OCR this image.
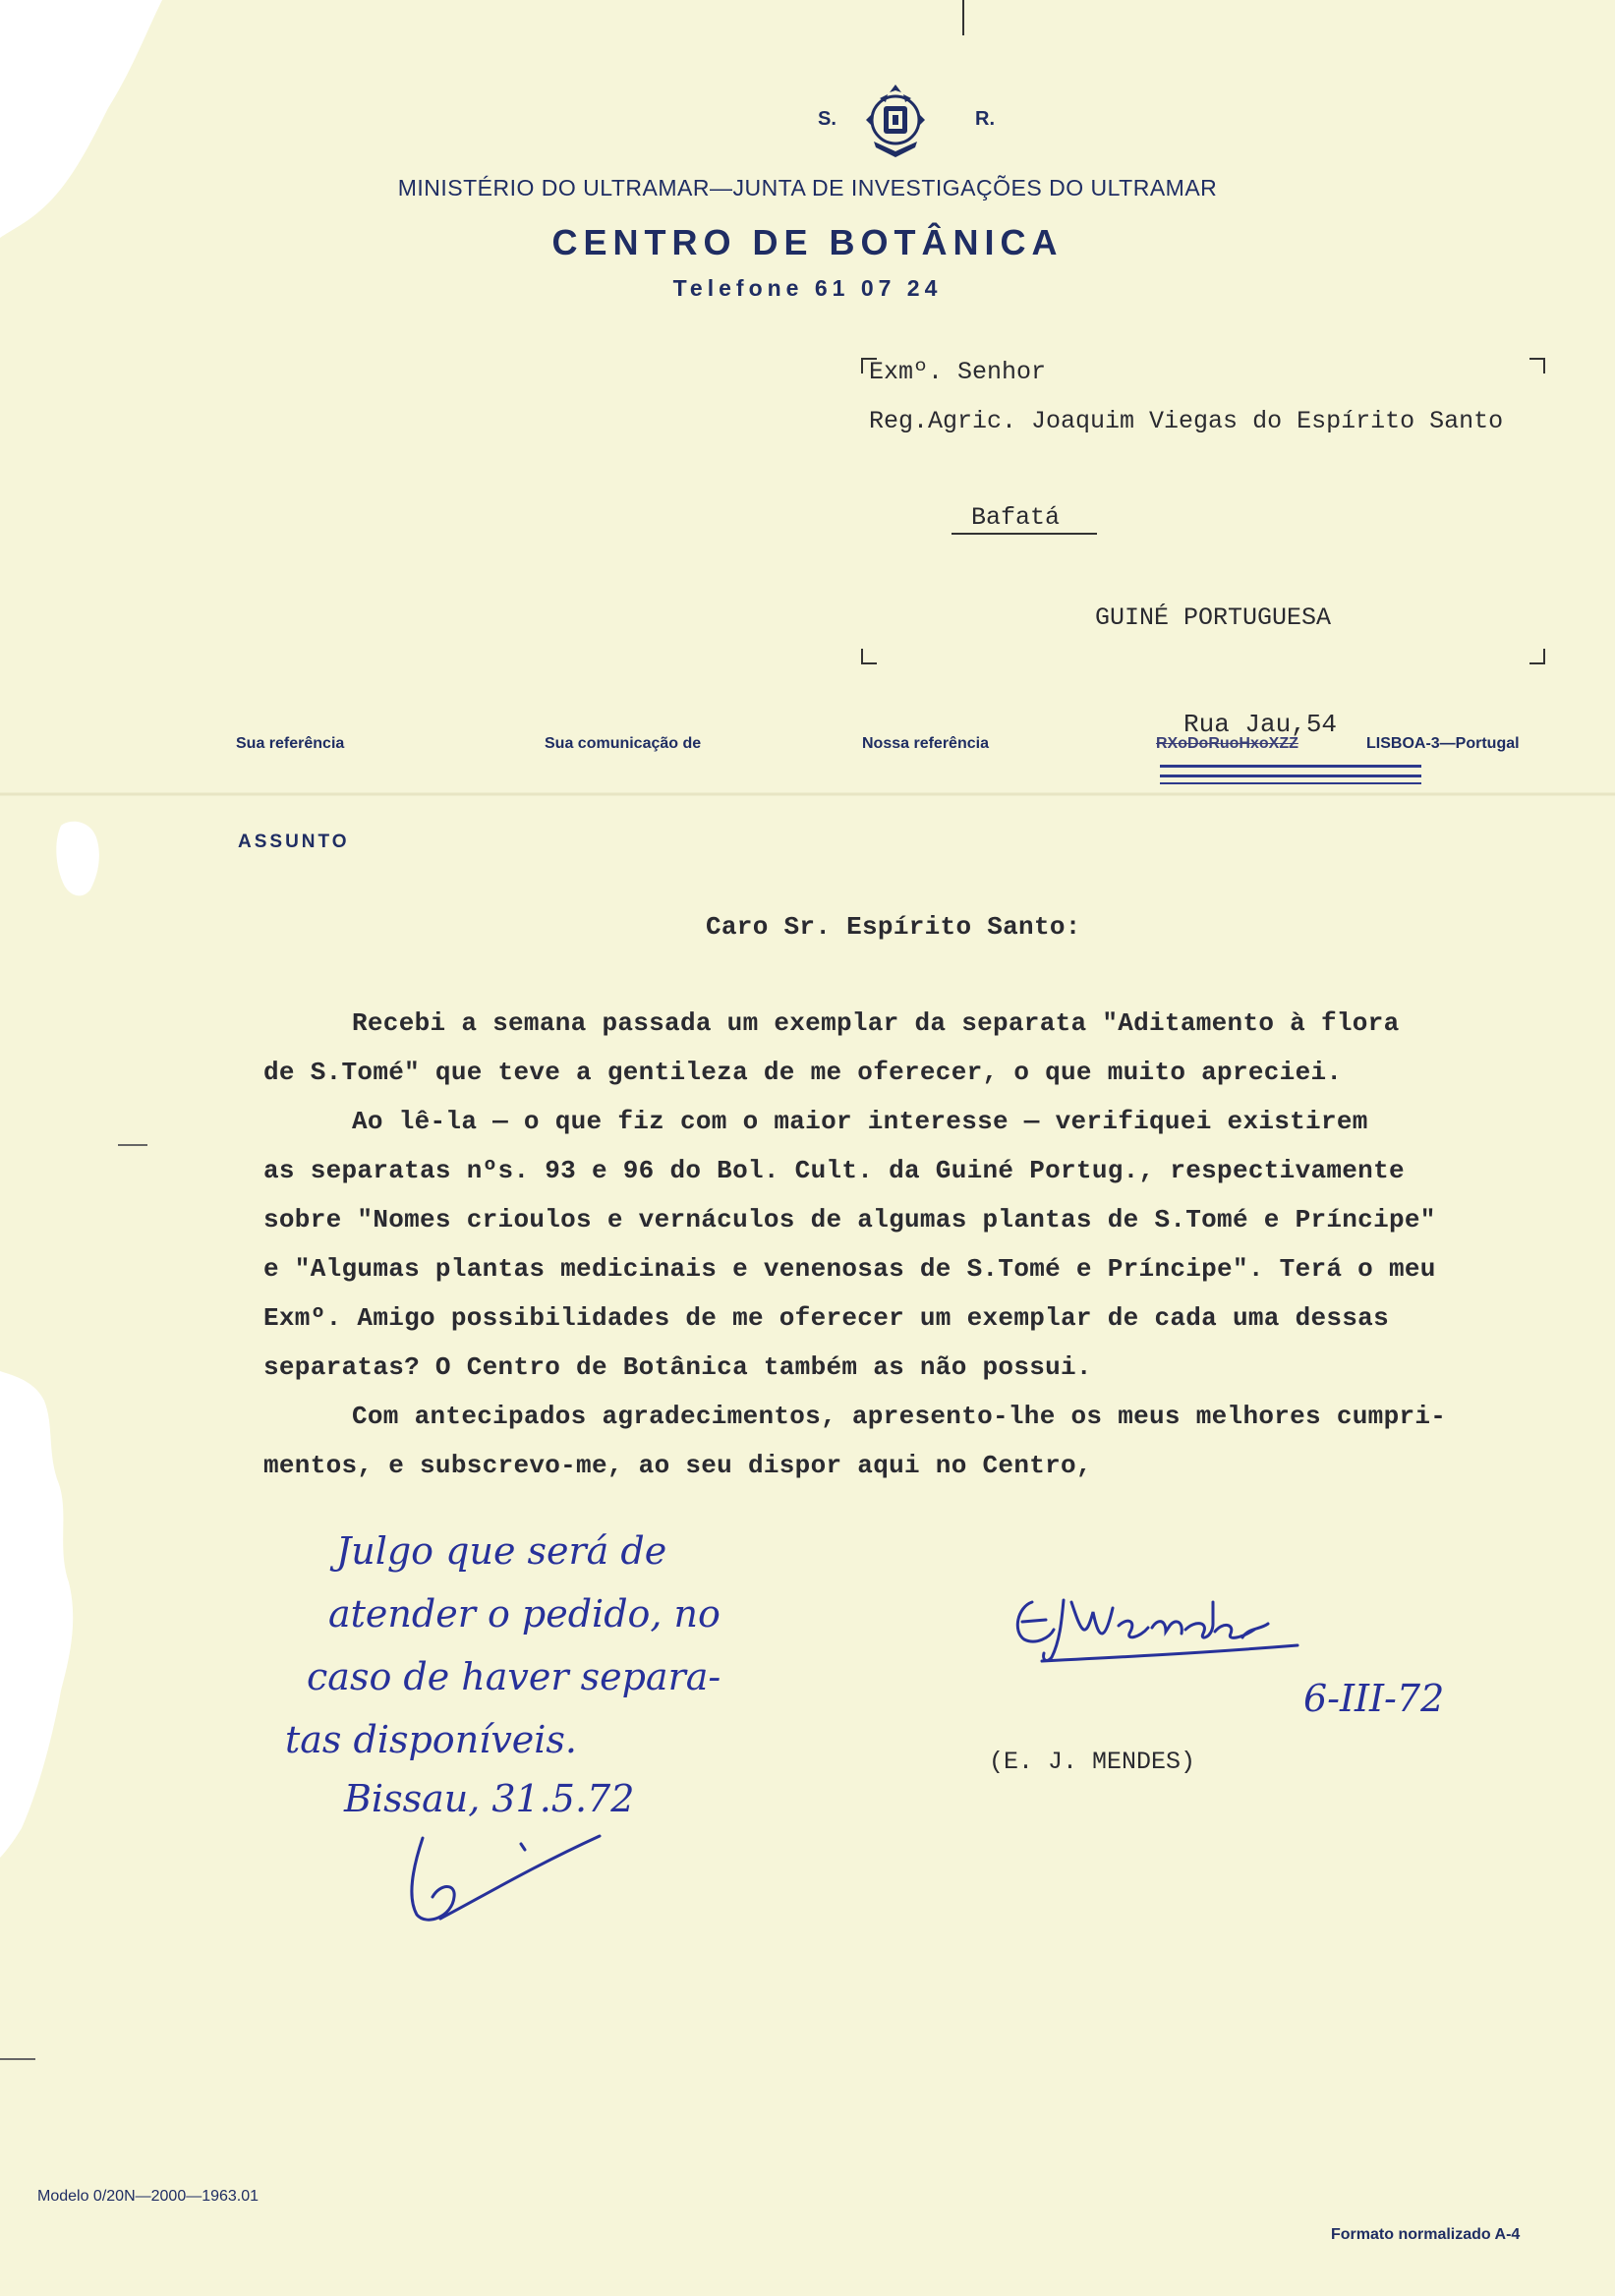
S.	R.
MINISTÉRIO DO ULTRAMAR—JUNTA DE INVESTIGAÇÕES DO ULTRAMAR
CENTRO DE BOTÂNICA
Telefone 61 07 24
Exmº. Senhor
Reg.Agric. Joaquim Viegas do Espírito Santo
Bafatá
GUINÉ PORTUGUESA
Sua referência	Sua comunicação de	Nossa referência
Rua Jau,54
RXoDoRuoHxoXZZ	LISBOA-3—Portugal
ASSUNTO
Caro Sr. Espírito Santo:
Recebi a semana passada um exemplar da separata "Aditamento à flora
de S.Tomé" que teve a gentileza de me oferecer, o que muito apreciei.
Ao lê-la — o que fiz com o maior interesse — verifiquei existirem
as separatas nºs. 93 e 96 do Bol. Cult. da Guiné Portug., respectivamente
sobre "Nomes crioulos e vernáculos de algumas plantas de S.Tomé e Príncipe"
e "Algumas plantas medicinais e venenosas de S.Tomé e Príncipe". Terá o meu
Exmº. Amigo possibilidades de me oferecer um exemplar de cada uma dessas
separatas? O Centro de Botânica também as não possui.
Com antecipados agradecimentos, apresento-lhe os meus melhores cumpri-
mentos, e subscrevo-me, ao seu dispor aqui no Centro,
6-III-72
(E. J. MENDES)
Julgo que será de
atender o pedido, no
caso de haver separa-
tas disponíveis.
Bissau, 31.5.72
Modelo 0/20N—2000—1963.01
Formato normalizado A-4
